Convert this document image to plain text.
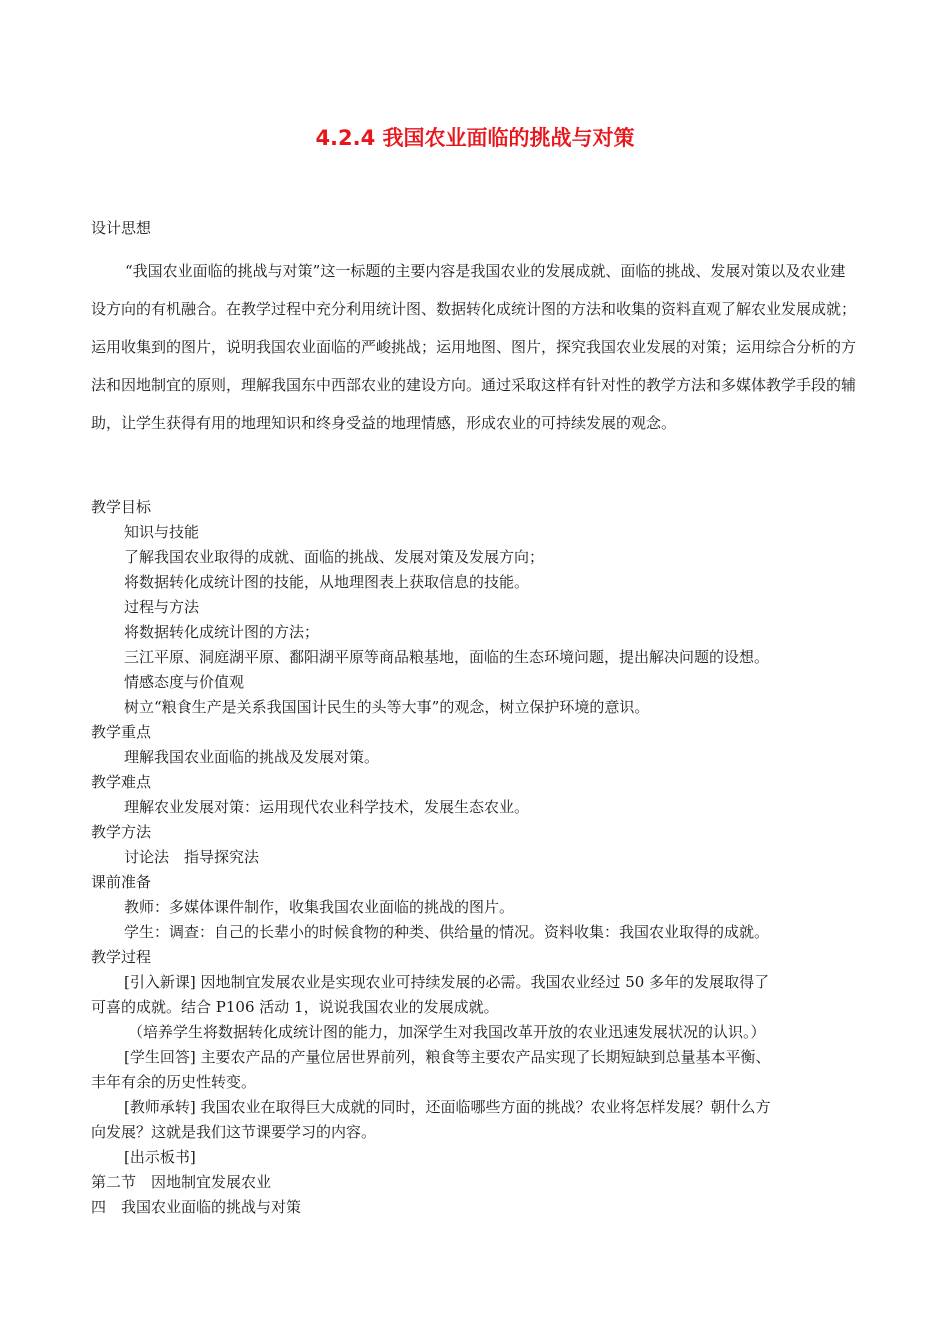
4.2.4 我国农业面临的挑战与对策
设计思想
“我国农业面临的挑战与对策”这一标题的主要内容是我国农业的发展成就、面临的挑战、发展对策以及农业建设方向的有机融合。在教学过程中充分利用统计图、数据转化成统计图的方法和收集的资料直观了解农业发展成就；运用收集到的图片，说明我国农业面临的严峻挑战；运用地图、图片，探究我国农业发展的对策；运用综合分析的方法和因地制宜的原则，理解我国东中西部农业的建设方向。通过采取这样有针对性的教学方法和多媒体教学手段的辅助，让学生获得有用的地理知识和终身受益的地理情感，形成农业的可持续发展的观念。
教学目标
知识与技能
了解我国农业取得的成就、面临的挑战、发展对策及发展方向；
将数据转化成统计图的技能，从地理图表上获取信息的技能。
过程与方法
将数据转化成统计图的方法；
三江平原、洞庭湖平原、鄱阳湖平原等商品粮基地，面临的生态环境问题，提出解决问题的设想。
情感态度与价值观
树立“粮食生产是关系我国国计民生的头等大事”的观念，树立保护环境的意识。
教学重点
理解我国农业面临的挑战及发展对策。
教学难点
理解农业发展对策：运用现代农业科学技术，发展生态农业。
教学方法
讨论法　指导探究法
课前准备
教师：多媒体课件制作，收集我国农业面临的挑战的图片。
学生：调查：自己的长辈小的时候食物的种类、供给量的情况。资料收集：我国农业取得的成就。
教学过程
[引入新课] 因地制宜发展农业是实现农业可持续发展的必需。我国农业经过 50 多年的发展取得了
可喜的成就。结合 P106 活动 1，说说我国农业的发展成就。
（培养学生将数据转化成统计图的能力，加深学生对我国改革开放的农业迅速发展状况的认识。）
[学生回答] 主要农产品的产量位居世界前列，粮食等主要农产品实现了长期短缺到总量基本平衡、
丰年有余的历史性转变。
[教师承转] 我国农业在取得巨大成就的同时，还面临哪些方面的挑战？农业将怎样发展？朝什么方
向发展？这就是我们这节课要学习的内容。
[出示板书]
第二节　因地制宜发展农业
四　我国农业面临的挑战与对策
